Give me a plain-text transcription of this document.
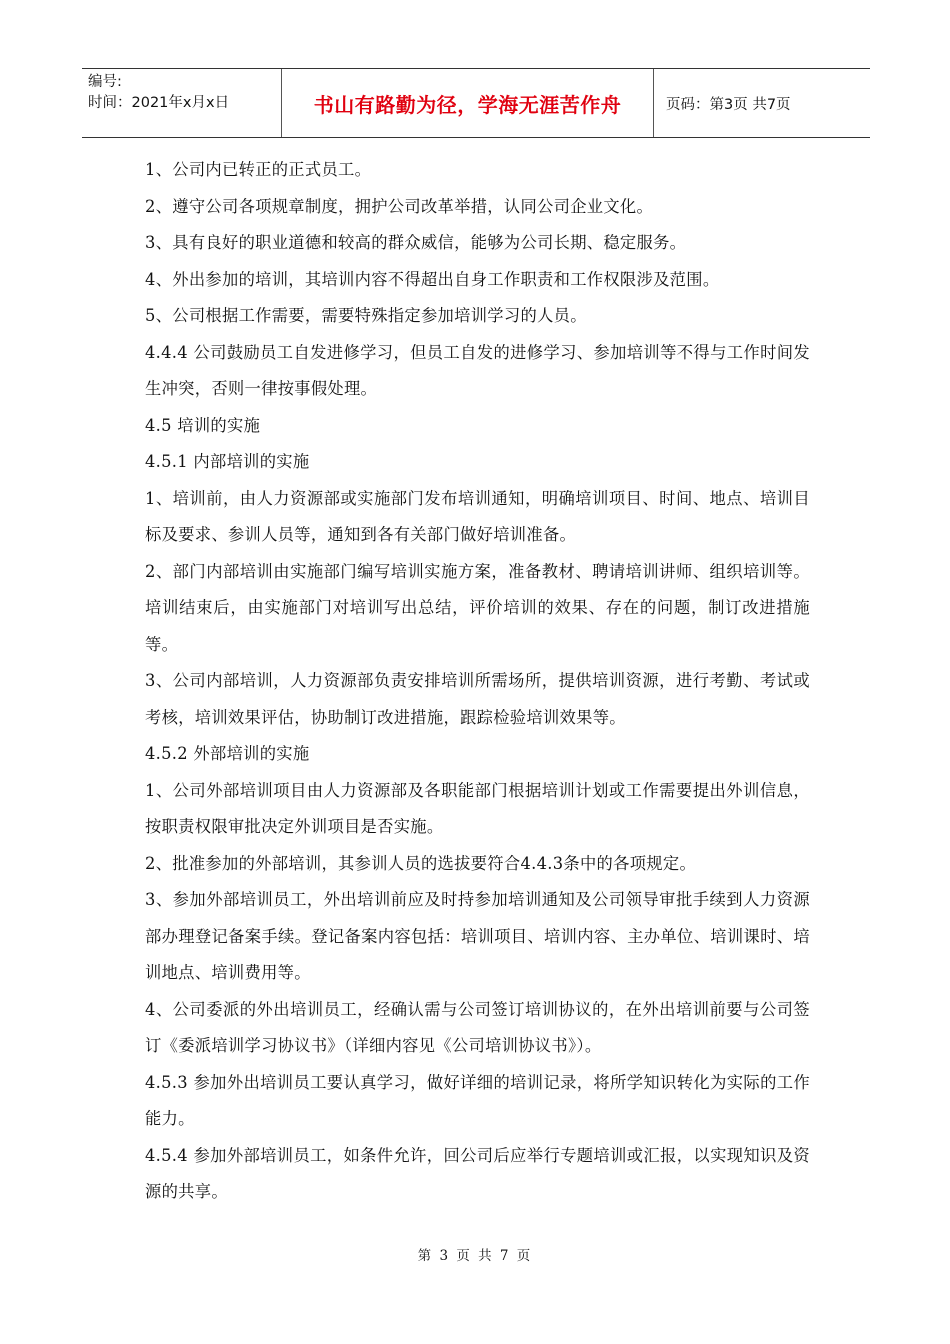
编号:
时间：2021年x月x日	书山有路勤为径，学海无涯苦作舟	页码：第3页 共7页

1、公司内已转正的正式员工。

2、遵守公司各项规章制度，拥护公司改革举措，认同公司企业文化。

3、具有良好的职业道德和较高的群众威信，能够为公司长期、稳定服务。

4、外出参加的培训，其培训内容不得超出自身工作职责和工作权限涉及范围。

5、公司根据工作需要，需要特殊指定参加培训学习的人员。

4.4.4 公司鼓励员工自发进修学习，但员工自发的进修学习、参加培训等不得与工作时间发生冲突，否则一律按事假处理。

4.5 培训的实施

4.5.1 内部培训的实施

1、培训前，由人力资源部或实施部门发布培训通知，明确培训项目、时间、地点、培训目标及要求、参训人员等，通知到各有关部门做好培训准备。

2、部门内部培训由实施部门编写培训实施方案，准备教材、聘请培训讲师、组织培训等。培训结束后，由实施部门对培训写出总结，评价培训的效果、存在的问题，制订改进措施等。

3、公司内部培训，人力资源部负责安排培训所需场所，提供培训资源，进行考勤、考试或考核，培训效果评估，协助制订改进措施，跟踪检验培训效果等。

4.5.2 外部培训的实施

1、公司外部培训项目由人力资源部及各职能部门根据培训计划或工作需要提出外训信息，按职责权限审批决定外训项目是否实施。

2、批准参加的外部培训，其参训人员的选拔要符合4.4.3条中的各项规定。

3、参加外部培训员工，外出培训前应及时持参加培训通知及公司领导审批手续到人力资源部办理登记备案手续。登记备案内容包括：培训项目、培训内容、主办单位、培训课时、培训地点、培训费用等。

4、公司委派的外出培训员工，经确认需与公司签订培训协议的，在外出培训前要与公司签订《委派培训学习协议书》（详细内容见《公司培训协议书》）。

4.5.3 参加外出培训员工要认真学习，做好详细的培训记录，将所学知识转化为实际的工作能力。

4.5.4 参加外部培训员工，如条件允许，回公司后应举行专题培训或汇报，以实现知识及资源的共享。

第 3 页 共 7 页
